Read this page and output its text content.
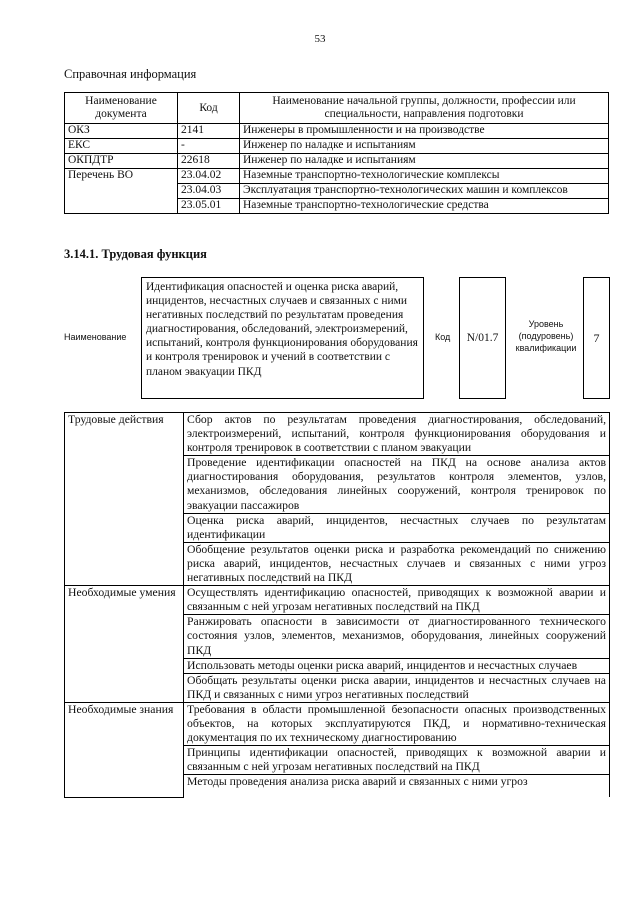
53
Справочная информация
Наименование документа	Код	Наименование начальной группы, должности, профессии или специальности, направления подготовки
ОКЗ	2141	Инженеры в промышленности и на производстве
ЕКС	-	Инженер по наладке и испытаниям
ОКПДТР	22618	Инженер по наладке и испытаниям
Перечень ВО	23.04.02	Наземные транспортно-технологические комплексы
	23.04.03	Эксплуатация транспортно-технологических машин и комплексов
	23.05.01	Наземные транспортно-технологические средства
3.14.1. Трудовая функция
Наименование
Идентификация опасностей и оценка риска аварий, инцидентов, несчастных случаев и связанных с ними негативных последствий по результатам проведения диагностирования, обследований, электроизмерений, испытаний, контроля функционирования оборудования и контроля тренировок и учений в соответствии с планом эвакуации ПКД
Код N/01.7
Уровень (подуровень) квалификации
7
Трудовые действия	Сбор актов по результатам проведения диагностирования, обследований, электроизмерений, испытаний, контроля функционирования оборудования и контроля тренировок в соответствии с планом эвакуации
	Проведение идентификации опасностей на ПКД на основе анализа актов диагностирования оборудования, результатов контроля элементов, узлов, механизмов, обследования линейных сооружений, контроля тренировок по эвакуации пассажиров
	Оценка риска аварий, инцидентов, несчастных случаев по результатам идентификации
	Обобщение результатов оценки риска и разработка рекомендаций по снижению риска аварий, инцидентов, несчастных случаев и связанных с ними угроз негативных последствий на ПКД
Необходимые умения	Осуществлять идентификацию опасностей, приводящих к возможной аварии и связанным с ней угрозам негативных последствий на ПКД
	Ранжировать опасности в зависимости от диагностированного технического состояния узлов, элементов, механизмов, оборудования, линейных сооружений ПКД
	Использовать методы оценки риска аварий, инцидентов и несчастных случаев
	Обобщать результаты оценки риска аварии, инцидентов и несчастных случаев на ПКД и связанных с ними угроз негативных последствий
Необходимые знания	Требования в области промышленной безопасности опасных производственных объектов, на которых эксплуатируются ПКД, и нормативно-техническая документация по их техническому диагностированию
	Принципы идентификации опасностей, приводящих к возможной аварии и связанным с ней угрозам негативных последствий на ПКД
	Методы проведения анализа риска аварий и связанных с ними угроз
